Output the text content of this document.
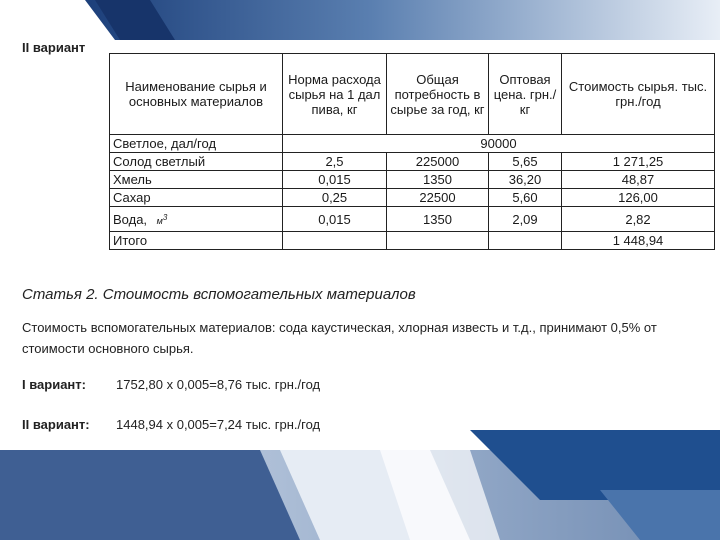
II вариант
Наименование сырья и основных материалов	Норма расхода сырья на 1 дал пива, кг	Общая потребность в сырье за год, кг	Оптовая цена. грн./кг	Стоимость сырья. тыс. грн./год
Светлое, дал/год	90000			
Солод светлый	2,5	225000	5,65	1 271,25
Хмель	0,015	1350	36,20	48,87
Сахар	0,25	22500	5,60	126,00
Вода, $м^3$	0,015	1350	2,09	2,82
Итого				1 448,94
Статья 2. Стоимость вспомогательных материалов
Стоимость вспомогательных материалов: сода каустическая, хлорная известь и т.д., принимают 0,5% от стоимости основного сырья.
I вариант: 1752,80 x 0,005=8,76 тыс. грн./год
II вариант: 1448,94 x 0,005=7,24 тыс. грн./год
